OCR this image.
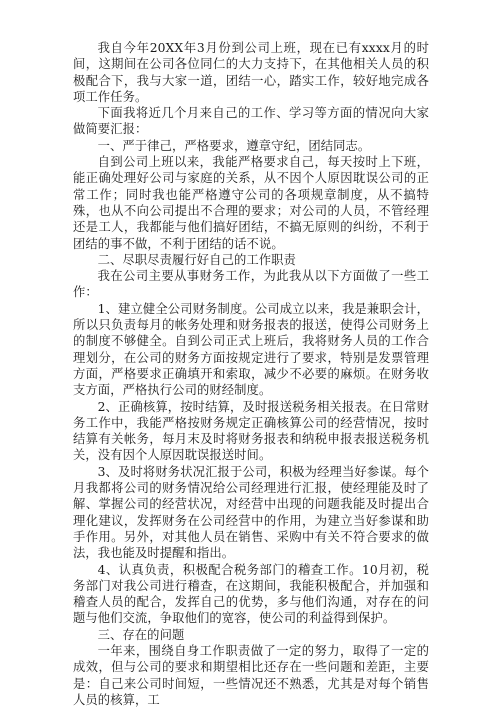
我自今年20XX年3月份到公司上班，现在已有xxxx月的时间，这期间在公司各位同仁的大力支持下，在其他相关人员的积极配合下，我与大家一道，团结一心，踏实工作，较好地完成各项工作任务。

下面我将近几个月来自己的工作、学习等方面的情况向大家做简要汇报：

一、严于律己，严格要求，遵章守纪，团结同志。

自到公司上班以来，我能严格要求自己，每天按时上下班，能正确处理好公司与家庭的关系，从不因个人原因耽误公司的正常工作；同时我也能严格遵守公司的各项规章制度，从不搞特殊，也从不向公司提出不合理的要求；对公司的人员，不管经理还是工人，我都能与他们搞好团结，不搞无原则的纠纷，不利于团结的事不做，不利于团结的话不说。

二、尽职尽责履行好自己的工作职责

我在公司主要从事财务工作，为此我从以下方面做了一些工作：

1、建立健全公司财务制度。公司成立以来，我是兼职会计，所以只负责每月的帐务处理和财务报表的报送，使得公司财务上的制度不够健全。自到公司正式上班后，我将财务人员的工作合理划分，在公司的财务方面按规定进行了要求，特别是发票管理方面，严格要求正确填开和索取，减少不必要的麻烦。在财务收支方面，严格执行公司的财经制度。

2、正确核算，按时结算，及时报送税务相关报表。在日常财务工作中，我能严格按财务规定正确核算公司的经营情况，按时结算有关帐务，每月末及时将财务报表和纳税申报表报送税务机关，没有因个人原因耽误报送时间。

3、及时将财务状况汇报于公司，积极为经理当好参谋。每个月我都将公司的财务情况给公司经理进行汇报，使经理能及时了解、掌握公司的经营状况，对经营中出现的问题我能及时提出合理化建议，发挥财务在公司经营中的作用，为建立当好参谋和助手作用。另外，对其他人员在销售、采购中有关不符合要求的做法，我也能及时提醒和指出。

4、认真负责，积极配合税务部门的稽查工作。10月初，税务部门对我公司进行稽查，在这期间，我能积极配合，并加强和稽查人员的配合，发挥自己的优势，多与他们沟通，对存在的问题与他们交流，争取他们的宽容，使公司的利益得到保护。

三、存在的问题

一年来，围绕自身工作职责做了一定的努力，取得了一定的成效，但与公司的要求和期望相比还存在一些问题和差距，主要是：自己来公司时间短，一些情况还不熟悉，尤其是对每个销售人员的核算，工
